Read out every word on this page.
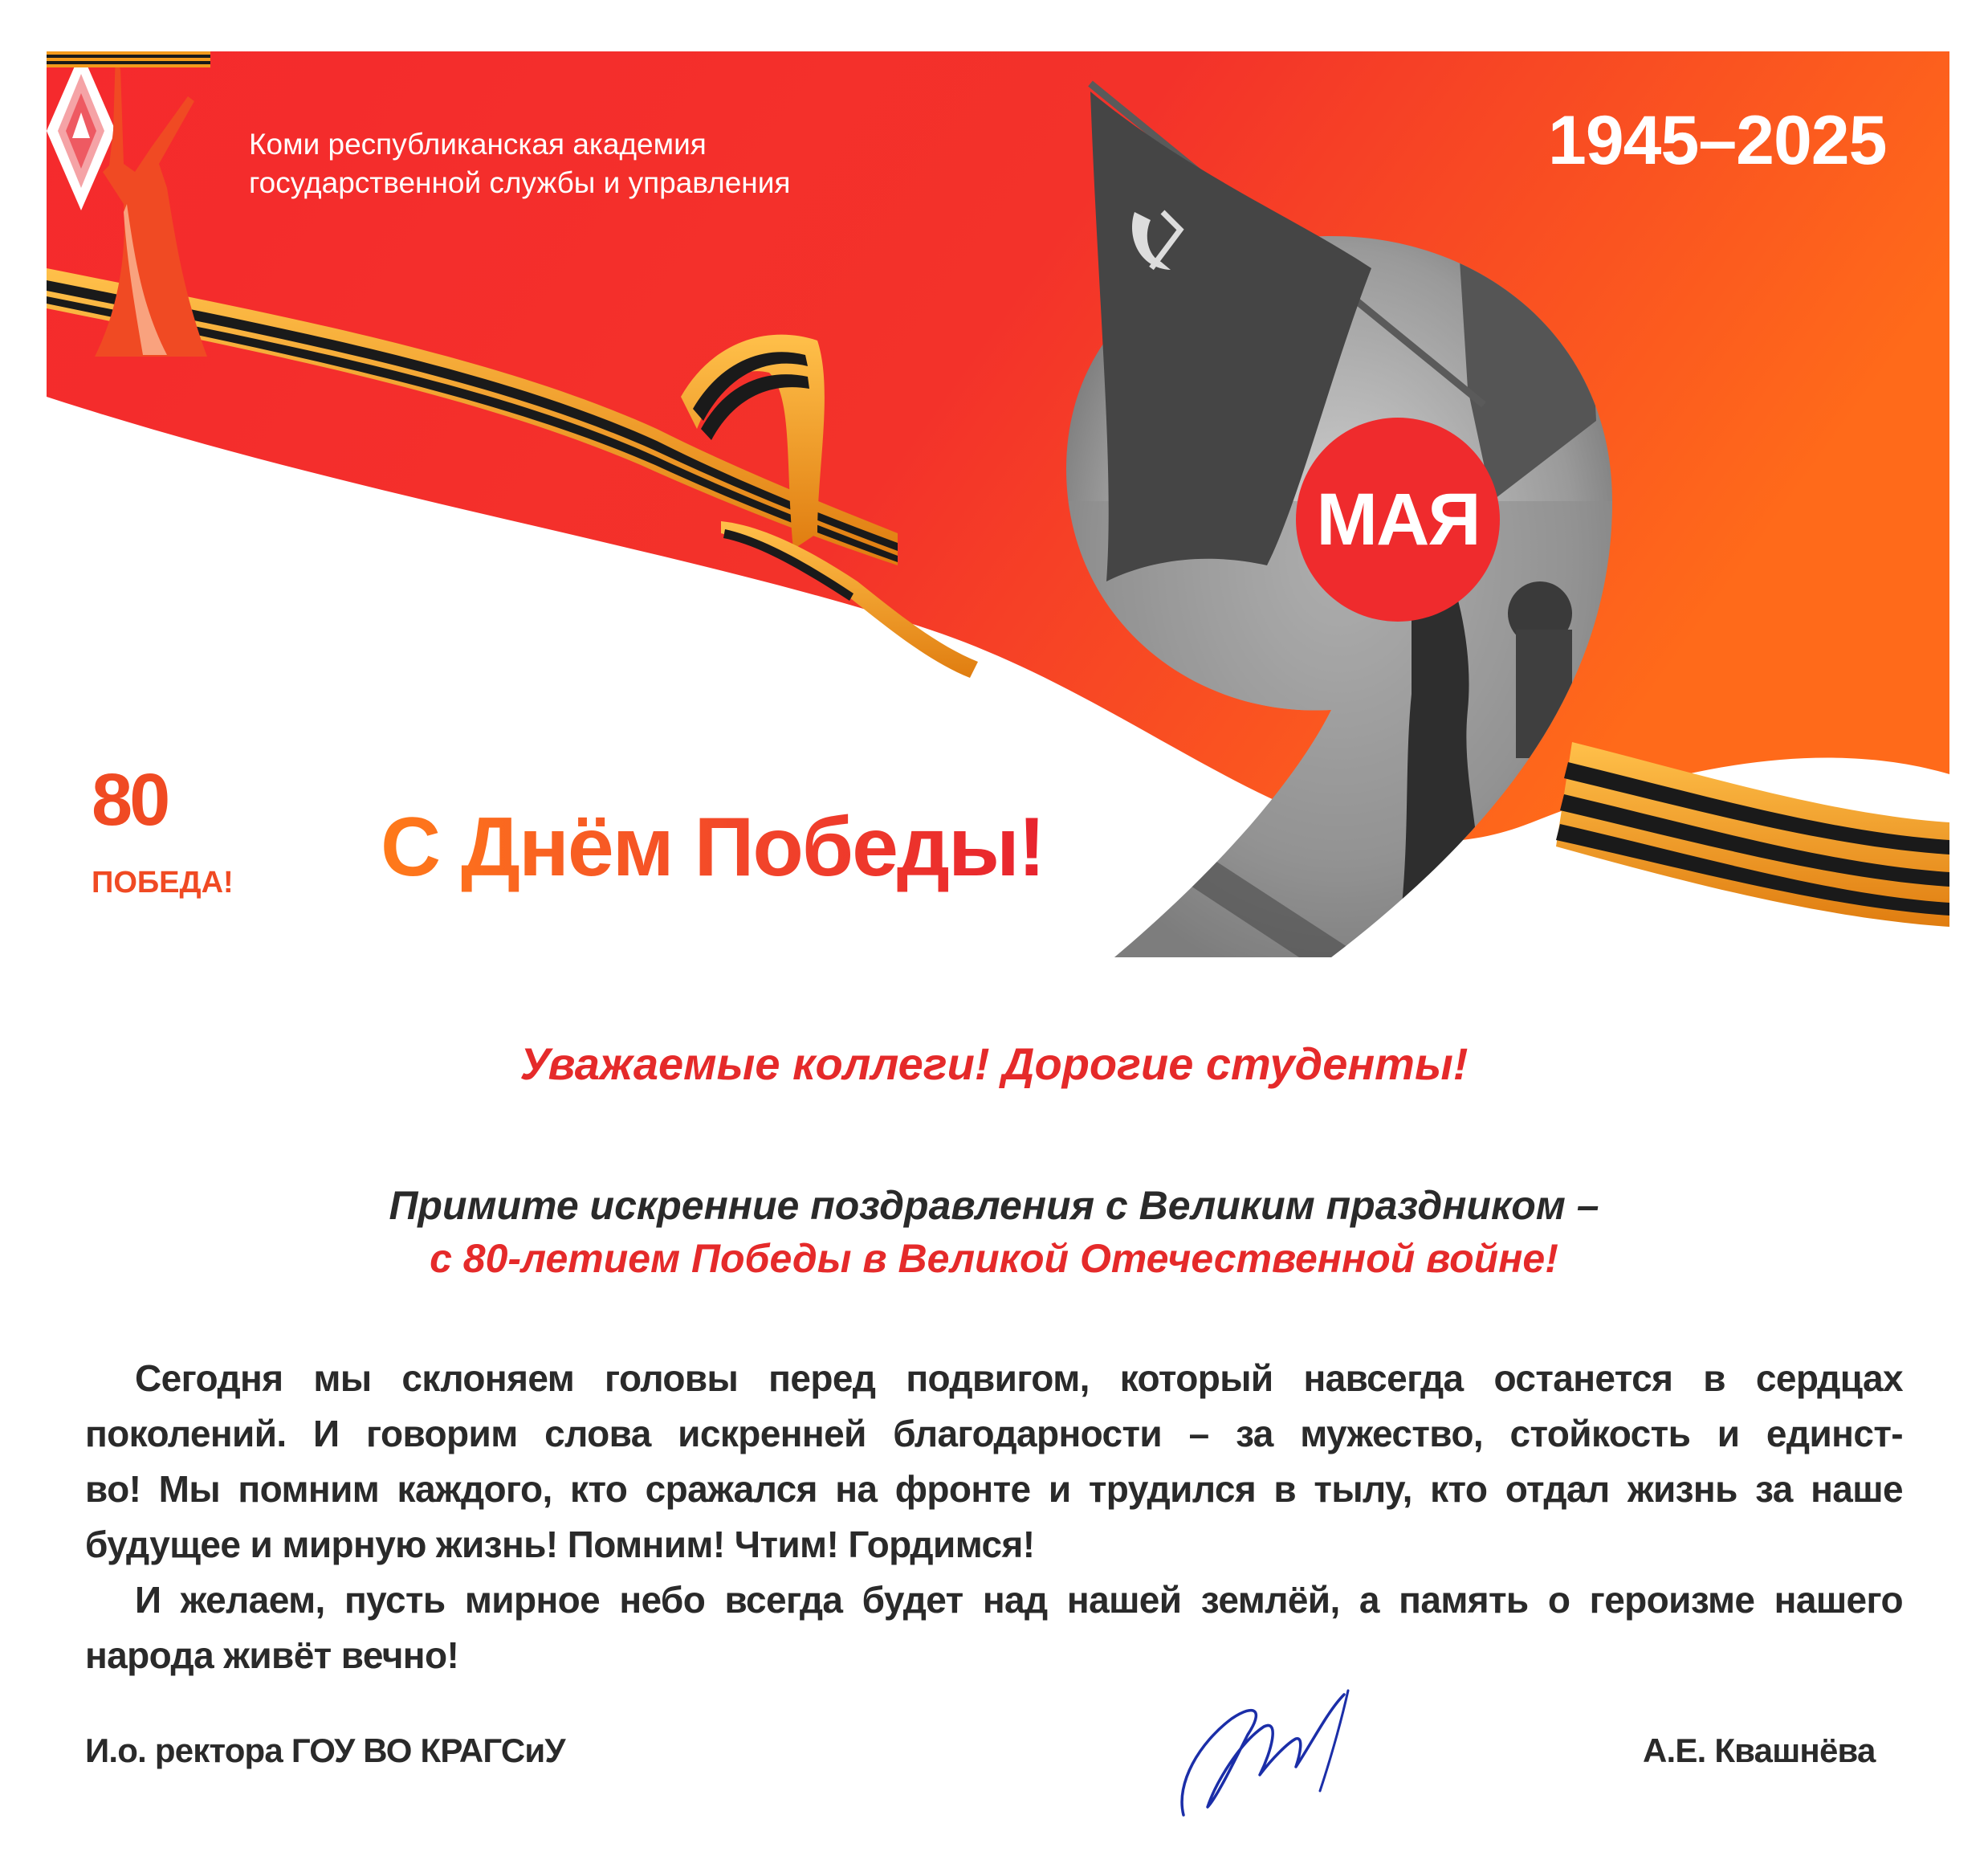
Коми республиканская академия
государственной службы и управления
1945–2025
МАЯ
80
ПОБЕДА! С Днём Победы!
Уважаемые коллеги! Дорогие студенты!
Примите искренние поздравления с Великим праздником –
с 80-летием Победы в Великой Отечественной войне!
Сегодня мы склоняем головы перед подвигом, который навсегда останется в сердцах
поколений. И говорим слова искренней благодарности – за мужество, стойкость и единст-
во! Мы помним каждого, кто сражался на фронте и трудился в тылу, кто отдал жизнь за наше
будущее и мирную жизнь! Помним! Чтим! Гордимся!
И желаем, пусть мирное небо всегда будет над нашей землёй, а память о героизме нашего
народа живёт вечно!
И.о. ректора ГОУ ВО КРАГСиУ	А.Е. Квашнёва
